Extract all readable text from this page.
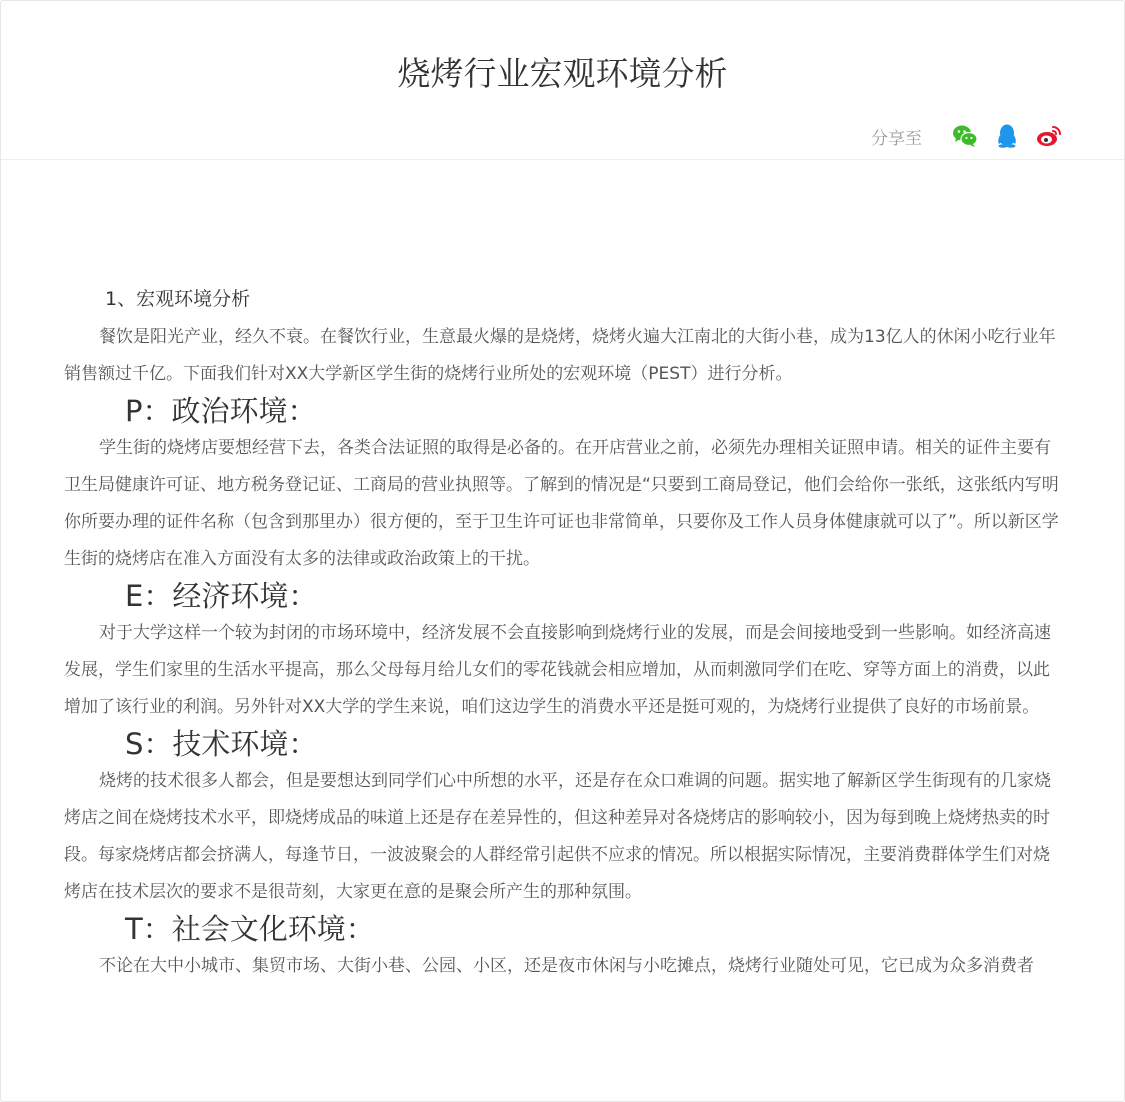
烧烤行业宏观环境分析
分享至

1、宏观环境分析

餐饮是阳光产业，经久不衰。在餐饮行业，生意最火爆的是烧烤，烧烤火遍大江南北的大街小巷，成为13亿人的休闲小吃行业年销售额过千亿。下面我们针对XX大学新区学生街的烧烤行业所处的宏观环境（PEST）进行分析。

P：政治环境：

学生街的烧烤店要想经营下去，各类合法证照的取得是必备的。在开店营业之前，必须先办理相关证照申请。相关的证件主要有卫生局健康许可证、地方税务登记证、工商局的营业执照等。了解到的情况是“只要到工商局登记，他们会给你一张纸，这张纸内写明你所要办理的证件名称（包含到那里办）很方便的，至于卫生许可证也非常简单，只要你及工作人员身体健康就可以了”。所以新区学生街的烧烤店在准入方面没有太多的法律或政治政策上的干扰。

E：经济环境：

对于大学这样一个较为封闭的市场环境中，经济发展不会直接影响到烧烤行业的发展，而是会间接地受到一些影响。如经济高速发展，学生们家里的生活水平提高，那么父母每月给儿女们的零花钱就会相应增加，从而刺激同学们在吃、穿等方面上的消费，以此增加了该行业的利润。另外针对XX大学的学生来说，咱们这边学生的消费水平还是挺可观的，为烧烤行业提供了良好的市场前景。

S：技术环境：

烧烤的技术很多人都会，但是要想达到同学们心中所想的水平，还是存在众口难调的问题。据实地了解新区学生街现有的几家烧烤店之间在烧烤技术水平，即烧烤成品的味道上还是存在差异性的，但这种差异对各烧烤店的影响较小，因为每到晚上烧烤热卖的时段。每家烧烤店都会挤满人，每逢节日，一波波聚会的人群经常引起供不应求的情况。所以根据实际情况，主要消费群体学生们对烧烤店在技术层次的要求不是很苛刻，大家更在意的是聚会所产生的那种氛围。

T：社会文化环境：

不论在大中小城市、集贸市场、大街小巷、公园、小区，还是夜市休闲与小吃摊点，烧烤行业随处可见，它已成为众多消费者
